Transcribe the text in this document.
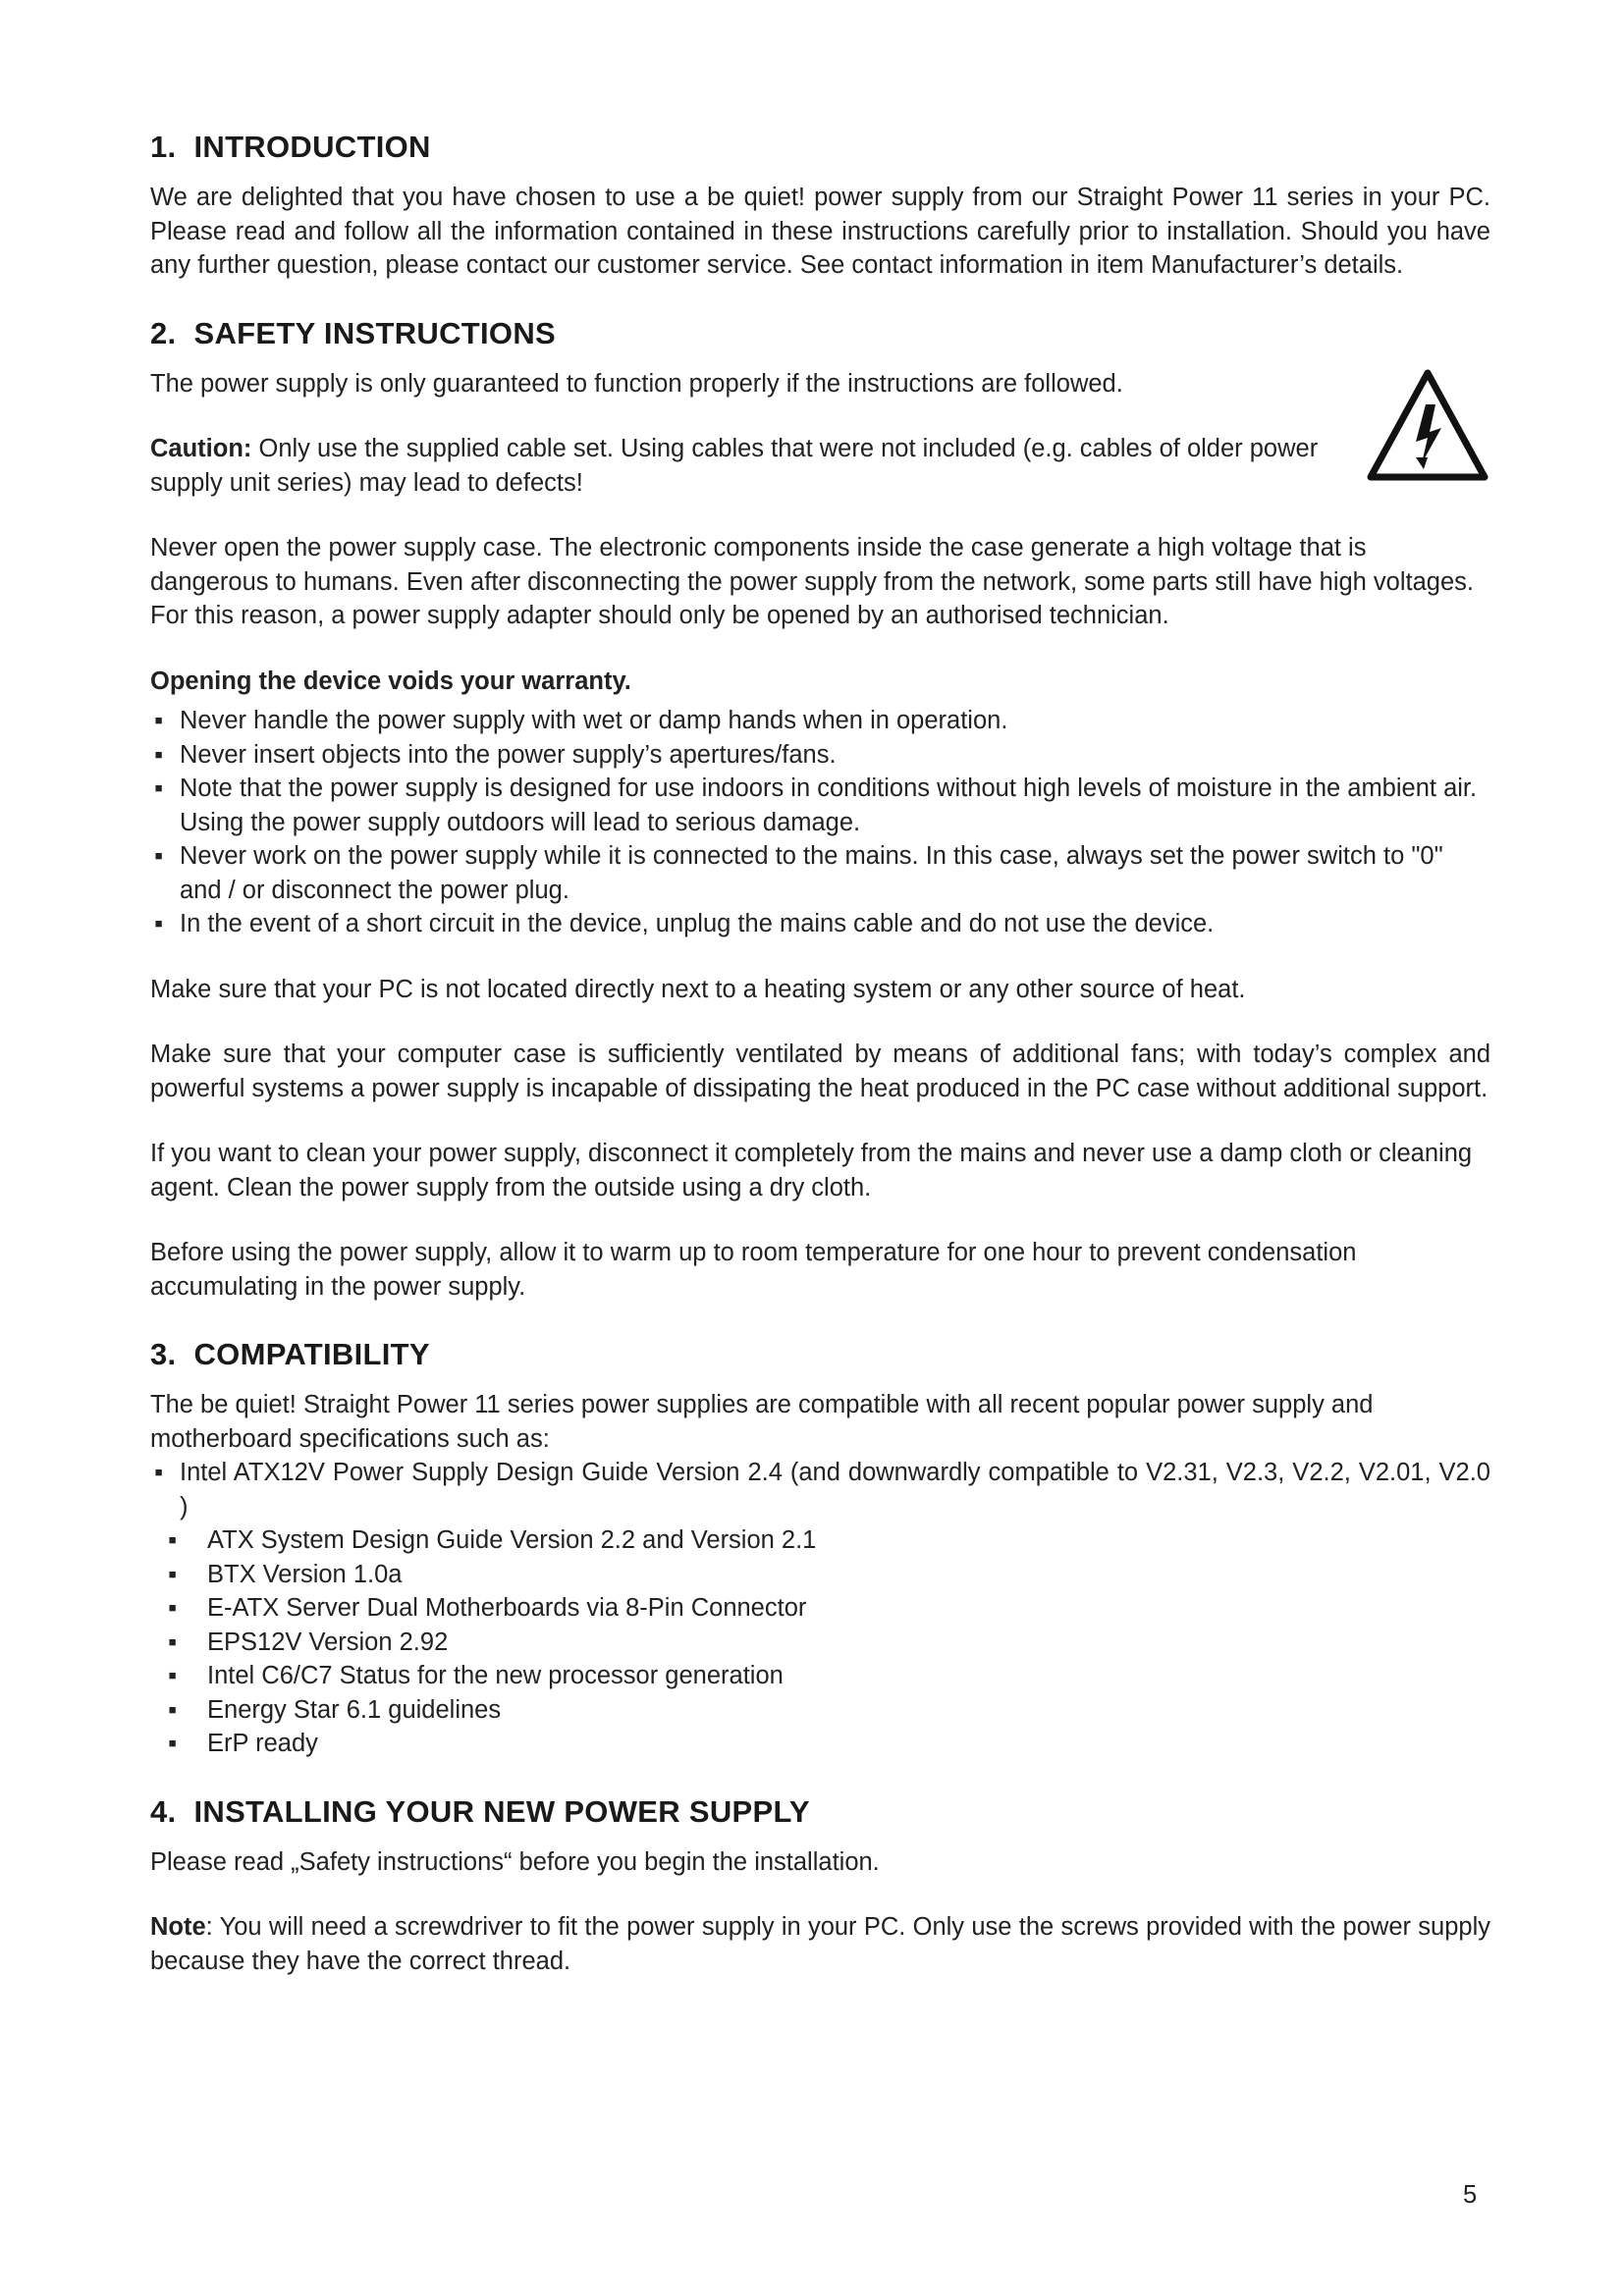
1. INTRODUCTION

We are delighted that you have chosen to use a be quiet! power supply from our Straight Power 11 series in your PC. Please read and follow all the information contained in these instructions carefully prior to installation. Should you have any further question, please contact our customer service. See contact information in item Manufacturer’s details.

2. SAFETY INSTRUCTIONS

The power supply is only guaranteed to function properly if the instructions are followed.

Caution: Only use the supplied cable set. Using cables that were not included (e.g. cables of older power supply unit series) may lead to defects!

Never open the power supply case. The electronic components inside the case generate a high voltage that is dangerous to humans. Even after disconnecting the power supply from the network, some parts still have high voltages. For this reason, a power supply adapter should only be opened by an authorised technician.

Opening the device voids your warranty.

▪ Never handle the power supply with wet or damp hands when in operation.
▪ Never insert objects into the power supply’s apertures/fans.
▪ Note that the power supply is designed for use indoors in conditions without high levels of moisture in the ambient air. Using the power supply outdoors will lead to serious damage.
▪ Never work on the power supply while it is connected to the mains. In this case, always set the power switch to "0" and / or disconnect the power plug.
▪ In the event of a short circuit in the device, unplug the mains cable and do not use the device.

Make sure that your PC is not located directly next to a heating system or any other source of heat.

Make sure that your computer case is sufficiently ventilated by means of additional fans; with today’s complex and powerful systems a power supply is incapable of dissipating the heat produced in the PC case without additional support.

If you want to clean your power supply, disconnect it completely from the mains and never use a damp cloth or cleaning agent. Clean the power supply from the outside using a dry cloth.

Before using the power supply, allow it to warm up to room temperature for one hour to prevent condensation accumulating in the power supply.

3. COMPATIBILITY

The be quiet! Straight Power 11 series power supplies are compatible with all recent popular power supply and motherboard specifications such as:

▪ Intel ATX12V Power Supply Design Guide Version 2.4 (and downwardly compatible to V2.31, V2.3, V2.2, V2.01, V2.0 )
▪ ATX System Design Guide Version 2.2 and Version 2.1
▪ BTX Version 1.0a
▪ E-ATX Server Dual Motherboards via 8-Pin Connector
▪ EPS12V Version 2.92
▪ Intel C6/C7 Status for the new processor generation
▪ Energy Star 6.1 guidelines
▪ ErP ready
4. INSTALLING YOUR NEW POWER SUPPLY

Please read „Safety instructions“ before you begin the installation.

Note: You will need a screwdriver to fit the power supply in your PC. Only use the screws provided with the power supply because they have the correct thread.

5
